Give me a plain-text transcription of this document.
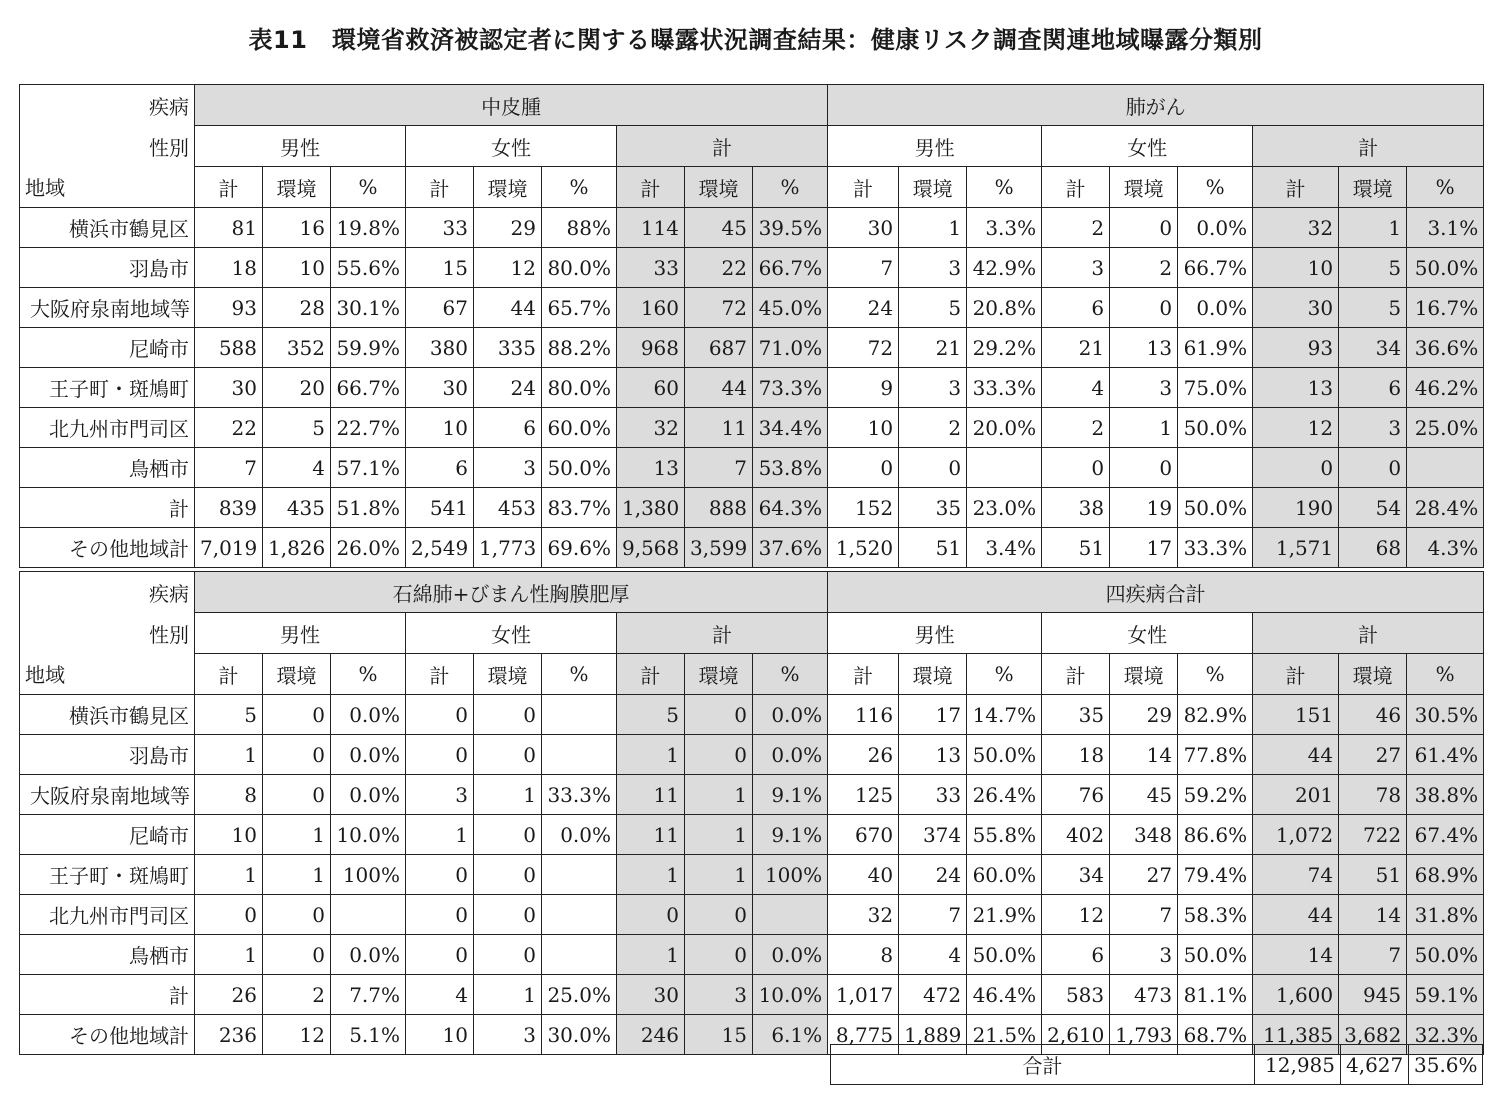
表11　環境省救済被認定者に関する曝露状況調査結果：健康リスク調査関連地域曝露分類別
疾病	中皮腫									肺がん								
性別	男性			女性			計			男性			女性			計		
地域	計	環境	%	計	環境	%	計	環境	%	計	環境	%	計	環境	%	計	環境	%
横浜市鶴見区	81	16	19.8%	33	29	88%	114	45	39.5%	30	1	3.3%	2	0	0.0%	32	1	3.1%
羽島市	18	10	55.6%	15	12	80.0%	33	22	66.7%	7	3	42.9%	3	2	66.7%	10	5	50.0%
大阪府泉南地域等	93	28	30.1%	67	44	65.7%	160	72	45.0%	24	5	20.8%	6	0	0.0%	30	5	16.7%
尼崎市	588	352	59.9%	380	335	88.2%	968	687	71.0%	72	21	29.2%	21	13	61.9%	93	34	36.6%
王子町・斑鳩町	30	20	66.7%	30	24	80.0%	60	44	73.3%	9	3	33.3%	4	3	75.0%	13	6	46.2%
北九州市門司区	22	5	22.7%	10	6	60.0%	32	11	34.4%	10	2	20.0%	2	1	50.0%	12	3	25.0%
鳥栖市	7	4	57.1%	6	3	50.0%	13	7	53.8%	0	0		0	0		0	0	
計	839	435	51.8%	541	453	83.7%	1,380	888	64.3%	152	35	23.0%	38	19	50.0%	190	54	28.4%
その他地域計	7,019	1,826	26.0%	2,549	1,773	69.6%	9,568	3,599	37.6%	1,520	51	3.4%	51	17	33.3%	1,571	68	4.3%
疾病	石綿肺+びまん性胸膜肥厚									四疾病合計								
性別	男性			女性			計			男性			女性			計		
地域	計	環境	%	計	環境	%	計	環境	%	計	環境	%	計	環境	%	計	環境	%
横浜市鶴見区	5	0	0.0%	0	0		5	0	0.0%	116	17	14.7%	35	29	82.9%	151	46	30.5%
羽島市	1	0	0.0%	0	0		1	0	0.0%	26	13	50.0%	18	14	77.8%	44	27	61.4%
大阪府泉南地域等	8	0	0.0%	3	1	33.3%	11	1	9.1%	125	33	26.4%	76	45	59.2%	201	78	38.8%
尼崎市	10	1	10.0%	1	0	0.0%	11	1	9.1%	670	374	55.8%	402	348	86.6%	1,072	722	67.4%
王子町・斑鳩町	1	1	100%	0	0		1	1	100%	40	24	60.0%	34	27	79.4%	74	51	68.9%
北九州市門司区	0	0		0	0		0	0		32	7	21.9%	12	7	58.3%	44	14	31.8%
鳥栖市	1	0	0.0%	0	0		1	0	0.0%	8	4	50.0%	6	3	50.0%	14	7	50.0%
計	26	2	7.7%	4	1	25.0%	30	3	10.0%	1,017	472	46.4%	583	473	81.1%	1,600	945	59.1%
その他地域計	236	12	5.1%	10	3	30.0%	246	15	6.1%	8,775	1,889	21.5%	2,610	1,793	68.7%	11,385	3,682	32.3%
合計	12,985	4,627	35.6%
